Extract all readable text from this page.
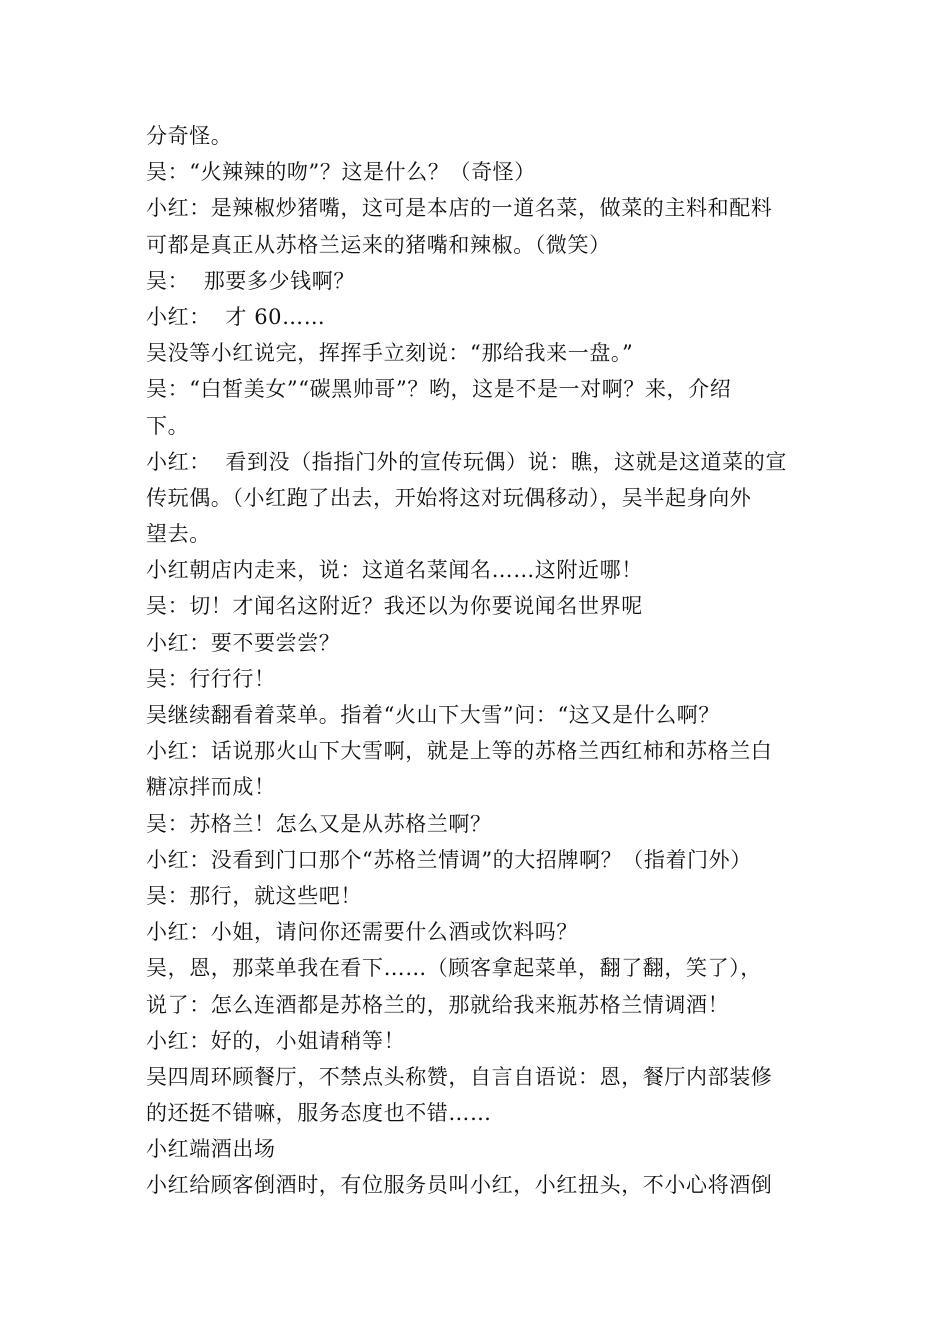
分奇怪。
吴：“火辣辣的吻”？这是什么？（奇怪）
小红：是辣椒炒猪嘴，这可是本店的一道名菜，做菜的主料和配料
可都是真正从苏格兰运来的猪嘴和辣椒。（微笑）
吴：  那要多少钱啊？
小红：  才 60……
吴没等小红说完，挥挥手立刻说：“那给我来一盘。”
吴：“白皙美女”“碳黑帅哥”？哟，这是不是一对啊？来，介绍
下。
小红：  看到没（指指门外的宣传玩偶）说：瞧，这就是这道菜的宣
传玩偶。（小红跑了出去，开始将这对玩偶移动），吴半起身向外
望去。
小红朝店内走来，说：这道名菜闻名……这附近哪！
吴：切！才闻名这附近？我还以为你要说闻名世界呢
小红：要不要尝尝？
吴：行行行！
吴继续翻看着菜单。指着“火山下大雪”问：“这又是什么啊？
小红：话说那火山下大雪啊，就是上等的苏格兰西红柿和苏格兰白
糖凉拌而成！
吴：苏格兰！怎么又是从苏格兰啊？
小红：没看到门口那个“苏格兰情调”的大招牌啊？（指着门外）
吴：那行，就这些吧！
小红：小姐，请问你还需要什么酒或饮料吗？
吴，恩，那菜单我在看下……（顾客拿起菜单，翻了翻，笑了），
说了：怎么连酒都是苏格兰的，那就给我来瓶苏格兰情调酒！
小红：好的，小姐请稍等！
吴四周环顾餐厅，不禁点头称赞，自言自语说：恩，餐厅内部装修
的还挺不错嘛，服务态度也不错……
小红端酒出场
小红给顾客倒酒时，有位服务员叫小红，小红扭头，不小心将酒倒
